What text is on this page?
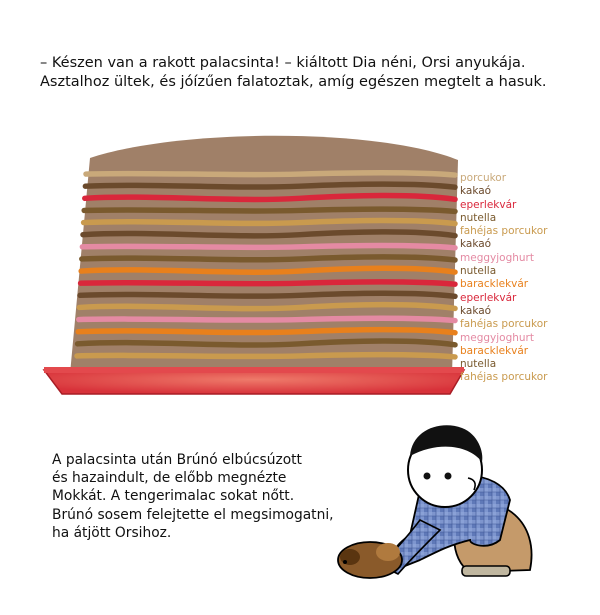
– Készen van a rakott palacsinta! – kiáltott Dia néni, Orsi anyukája.

Asztalhoz ültek, és jóízűen falatoztak, amíg egészen megtelt a hasuk.

porcukor
kakaó
eperlekvár
nutella
fahéjas porcukor
kakaó
meggyjoghurt
nutella
baracklekvár
eperlekvár
kakaó
fahéjas porcukor
meggyjoghurt
baracklekvár
nutella
fahéjas porcukor

A palacsinta után Brúnó elbúcsúzott

és hazaindult, de előbb megnézte

Mokkát. A tengerimalac sokat nőtt.

Brúnó sosem felejtette el megsimogatni,

ha átjött Orsihoz.
